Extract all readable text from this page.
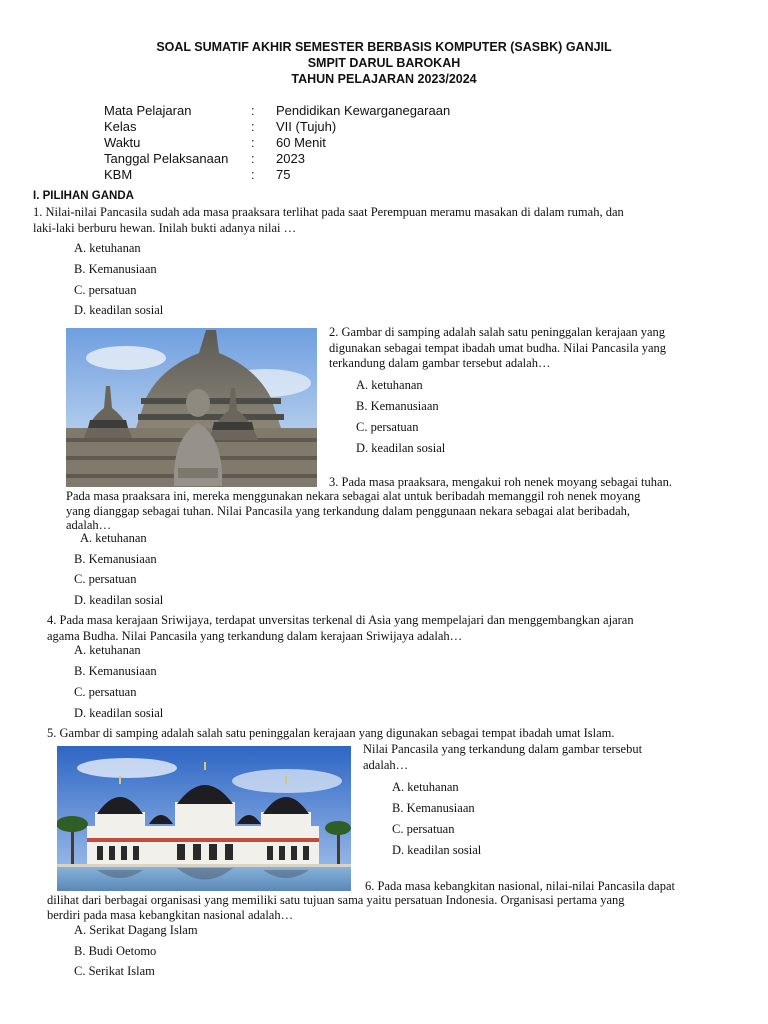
SOAL SUMATIF AKHIR SEMESTER BERBASIS KOMPUTER (SASBK) GANJIL
SMPIT DARUL BAROKAH
TAHUN PELAJARAN 2023/2024
Mata Pelajaran	:	Pendidikan Kewarganegaraan
Kelas	:	VII (Tujuh)
Waktu	:	60 Menit
Tanggal Pelaksanaan	:	2023
KBM	:	75
I. PILIHAN GANDA
1. Nilai-nilai Pancasila sudah ada masa praaksara terlihat pada saat Perempuan meramu masakan di dalam rumah, dan
laki-laki berburu hewan. Inilah bukti adanya nilai …
A. ketuhanan
B. Kemanusiaan
C. persatuan
D. keadilan sosial
2. Gambar di samping adalah salah satu peninggalan kerajaan yang
digunakan sebagai tempat ibadah umat budha. Nilai Pancasila yang
terkandung dalam gambar tersebut adalah…
A. ketuhanan
B. Kemanusiaan
C. persatuan
D. keadilan sosial
3. Pada masa praaksara, mengakui roh nenek moyang sebagai tuhan.
Pada masa praaksara ini, mereka menggunakan nekara sebagai alat untuk beribadah memanggil roh nenek moyang
yang dianggap sebagai tuhan. Nilai Pancasila yang terkandung dalam penggunaan nekara sebagai alat beribadah,
adalah…
A. ketuhanan
B. Kemanusiaan
C. persatuan
D. keadilan sosial
4. Pada masa kerajaan Sriwijaya, terdapat unversitas terkenal di Asia yang mempelajari dan menggembangkan ajaran
agama Budha. Nilai Pancasila yang terkandung dalam kerajaan Sriwijaya adalah…
A. ketuhanan
B. Kemanusiaan
C. persatuan
D. keadilan sosial
5. Gambar di samping adalah salah satu peninggalan kerajaan yang digunakan sebagai tempat ibadah umat Islam.
Nilai Pancasila yang terkandung dalam gambar tersebut
adalah…
A. ketuhanan
B. Kemanusiaan
C. persatuan
D. keadilan sosial
6. Pada masa kebangkitan nasional, nilai-nilai Pancasila dapat
dilihat dari berbagai organisasi yang memiliki satu tujuan sama yaitu persatuan Indonesia. Organisasi pertama yang
berdiri pada masa kebangkitan nasional adalah…
A. Serikat Dagang Islam
B. Budi Oetomo
C. Serikat Islam
